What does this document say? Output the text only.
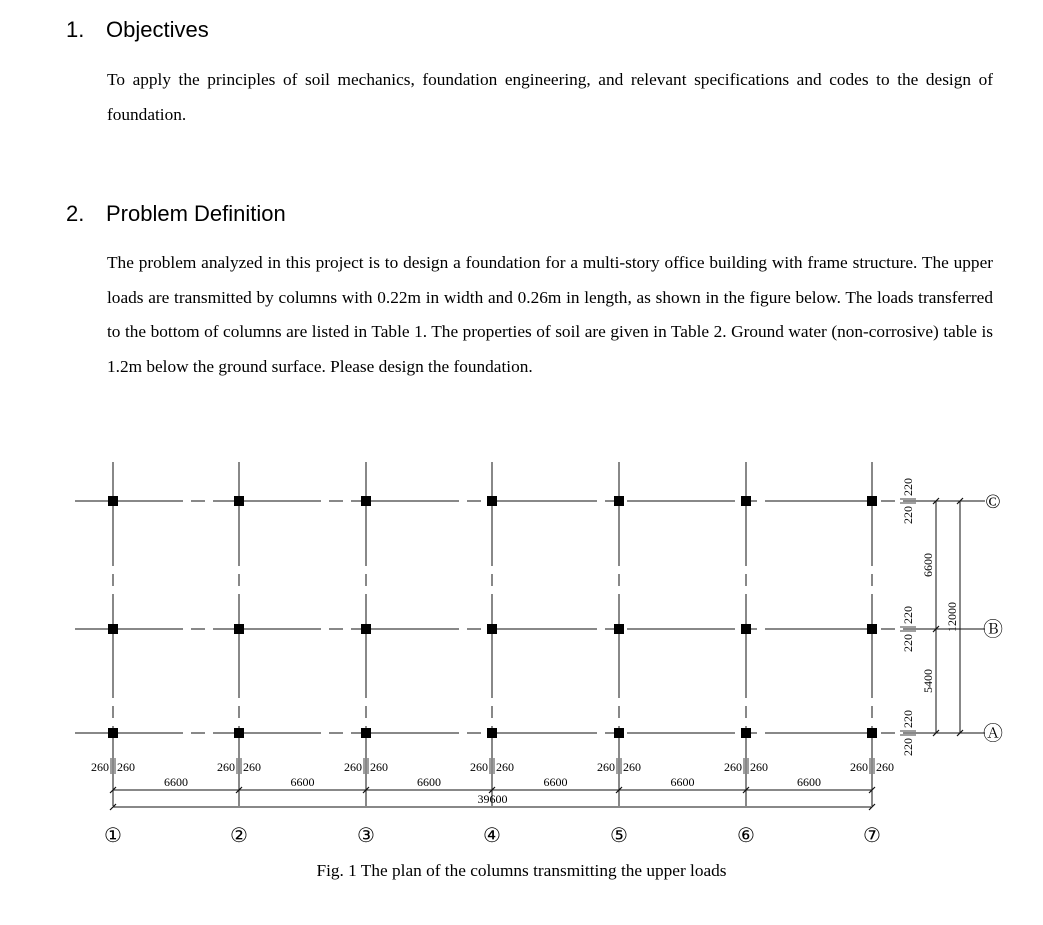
1. Objectives

To apply the principles of soil mechanics, foundation engineering, and relevant specifications and codes to the design of foundation.

2. Problem Definition

The problem analyzed in this project is to design a foundation for a multi-story office building with frame structure. The upper loads are transmitted by columns with 0.22m in width and 0.26m in length, as shown in the figure below. The loads transferred to the bottom of columns are listed in Table 1. The properties of soil are given in Table 2. Ground water (non-corrosive) table is 1.2m below the ground surface. Please design the foundation.

260 260	260 260	260 260	260 260	260 260	260 260	260 260
6600	6600	6600	6600	6600	6600
39600
①	②	③	④	⑤	⑥	⑦
220
220
220
220
220
220
6600
5400
12000
©
Ⓑ
Ⓐ

Fig. 1 The plan of the columns transmitting the upper loads
